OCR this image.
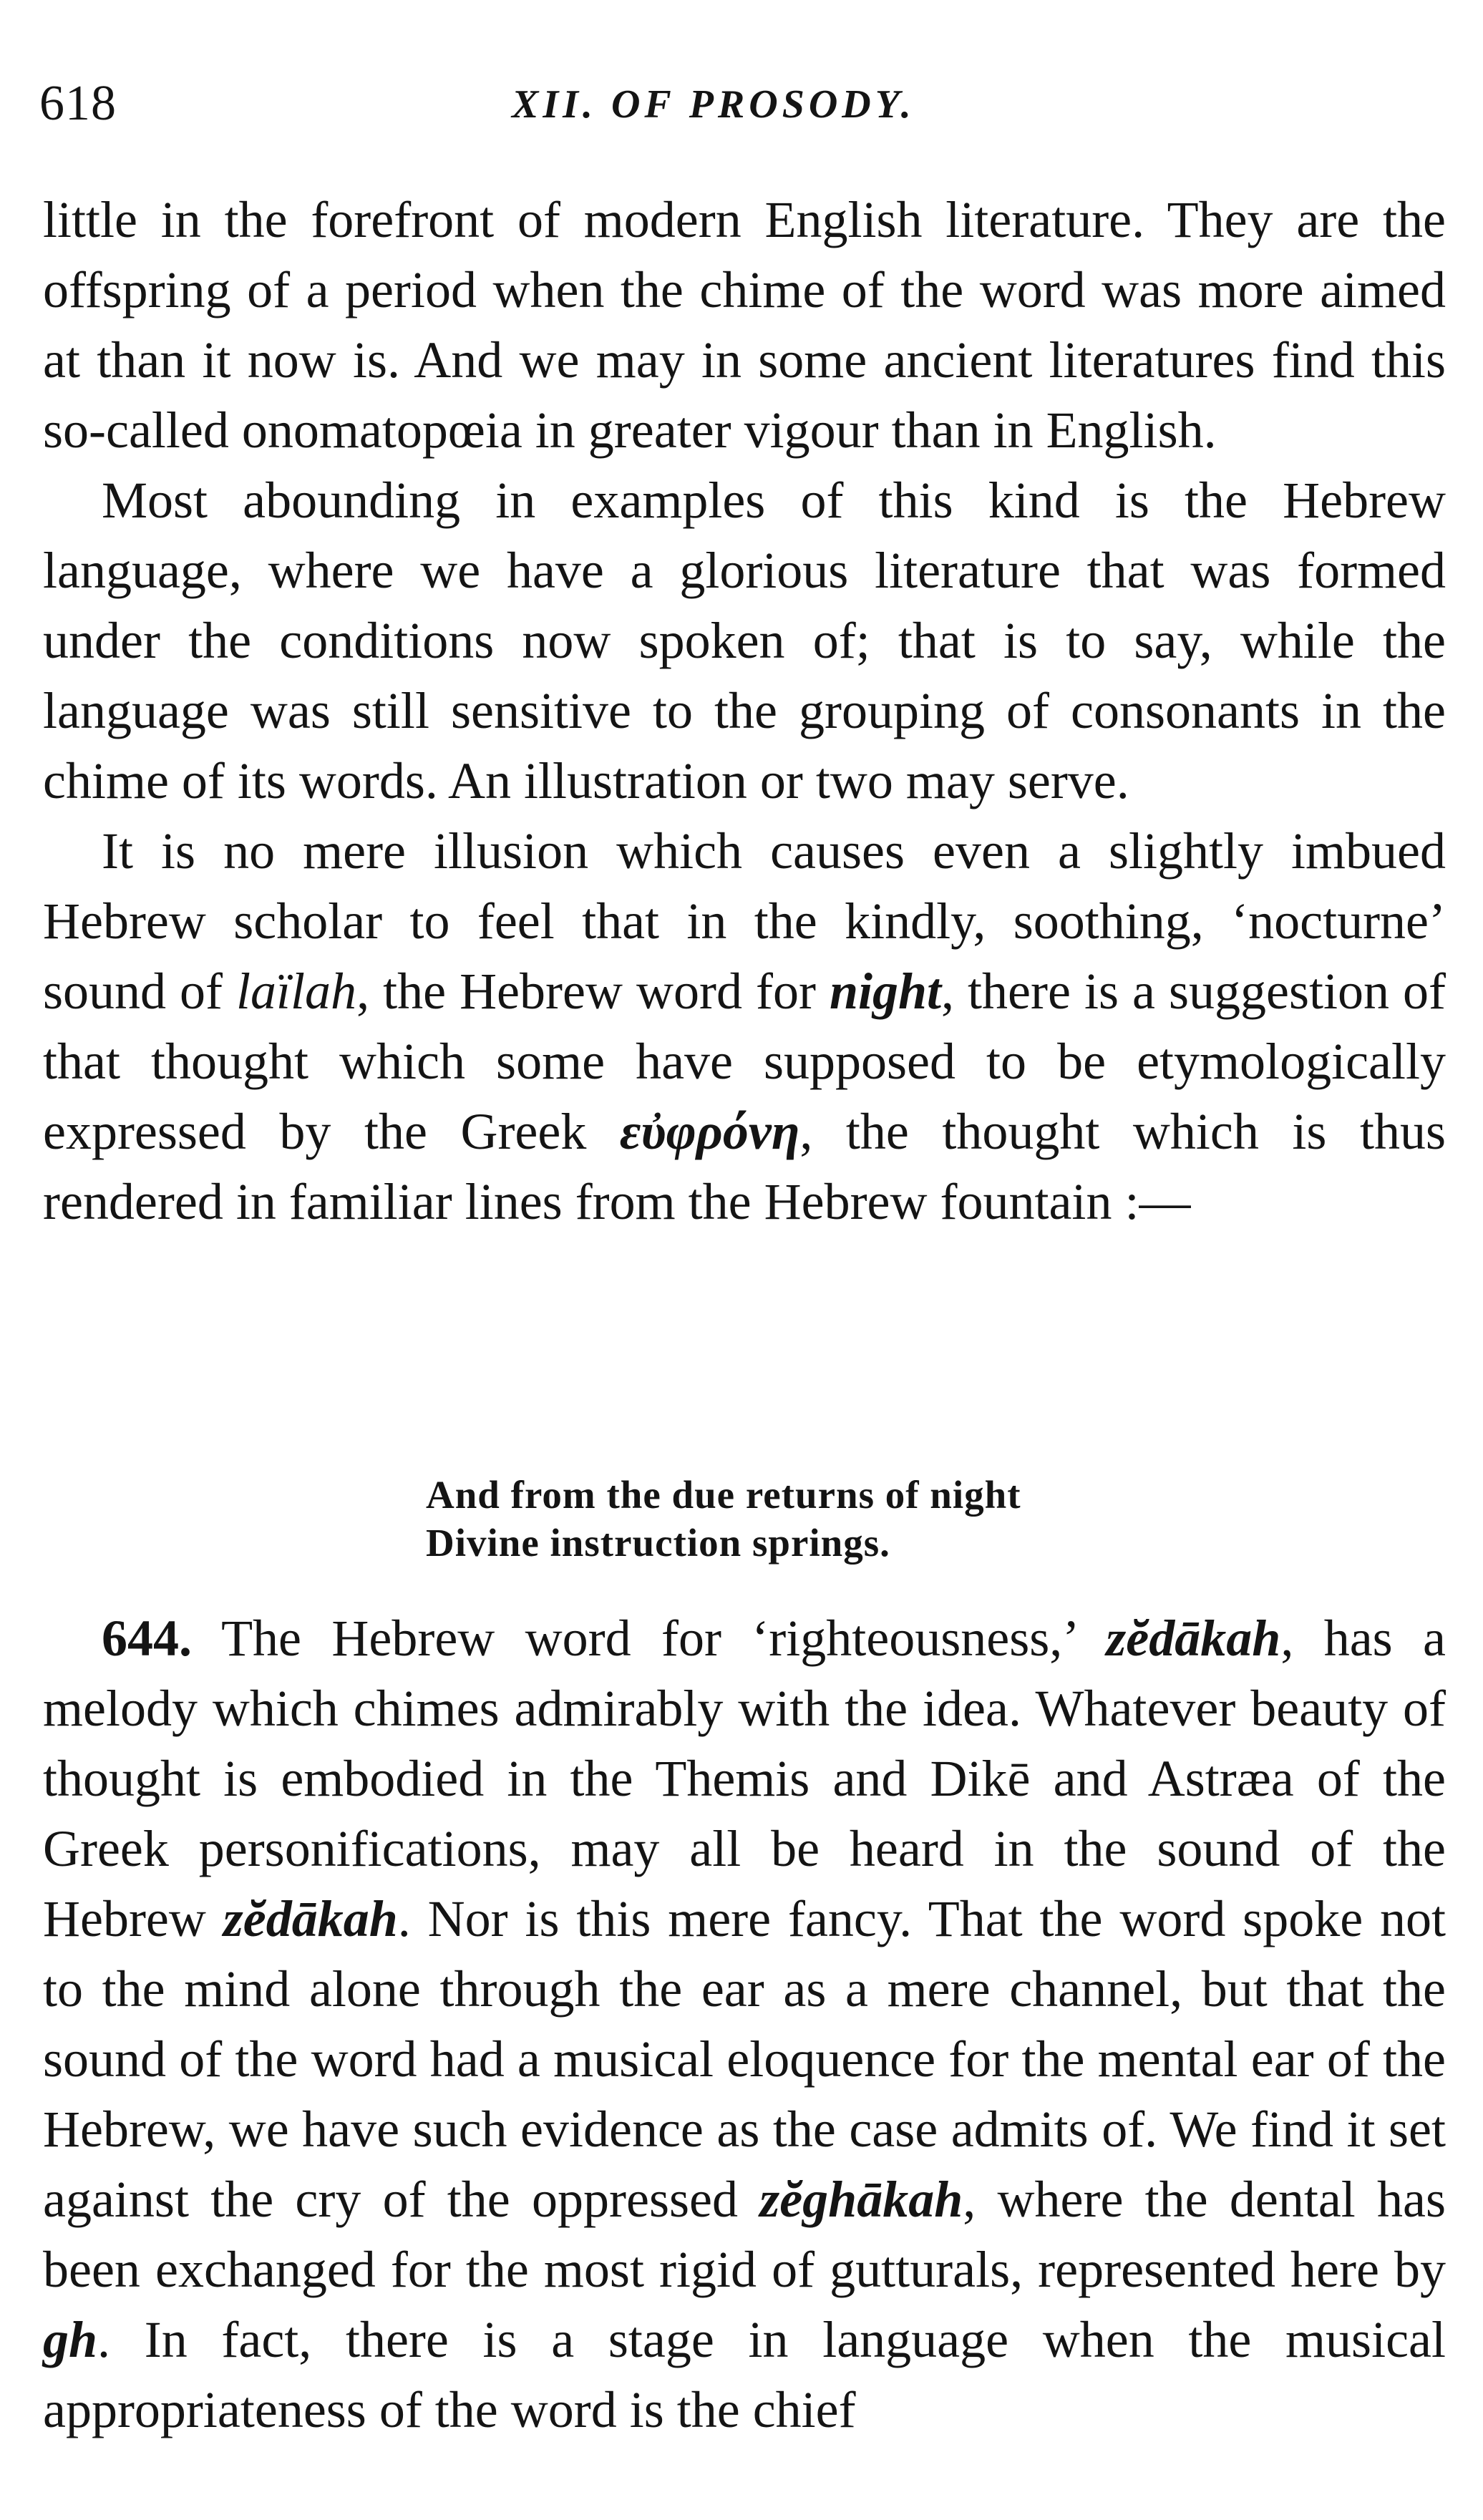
618	XII. OF PROSODY.

little in the forefront of modern English literature. They are the offspring of a period when the chime of the word was more aimed at than it now is. And we may in some ancient literatures find this so-called onomatopœia in greater vigour than in English.

Most abounding in examples of this kind is the Hebrew language, where we have a glorious literature that was formed under the conditions now spoken of; that is to say, while the language was still sensitive to the grouping of consonants in the chime of its words. An illustration or two may serve.

It is no mere illusion which causes even a slightly imbued Hebrew scholar to feel that in the kindly, soothing, ‘nocturne’ sound of laïlah, the Hebrew word for night, there is a suggestion of that thought which some have supposed to be etymologically expressed by the Greek εὐφρόνη, the thought which is thus rendered in familiar lines from the Hebrew fountain :—

And from the due returns of night
Divine instruction springs.

644. The Hebrew word for ‘righteousness,’ zĕdākah, has a melody which chimes admirably with the idea. Whatever beauty of thought is embodied in the Themis and Dikē and Astræa of the Greek personifications, may all be heard in the sound of the Hebrew zĕdākah. Nor is this mere fancy. That the word spoke not to the mind alone through the ear as a mere channel, but that the sound of the word had a musical eloquence for the mental ear of the Hebrew, we have such evidence as the case admits of. We find it set against the cry of the oppressed zĕghākah, where the dental has been exchanged for the most rigid of gutturals, represented here by gh. In fact, there is a stage in language when the musical appropriateness of the word is the chief
